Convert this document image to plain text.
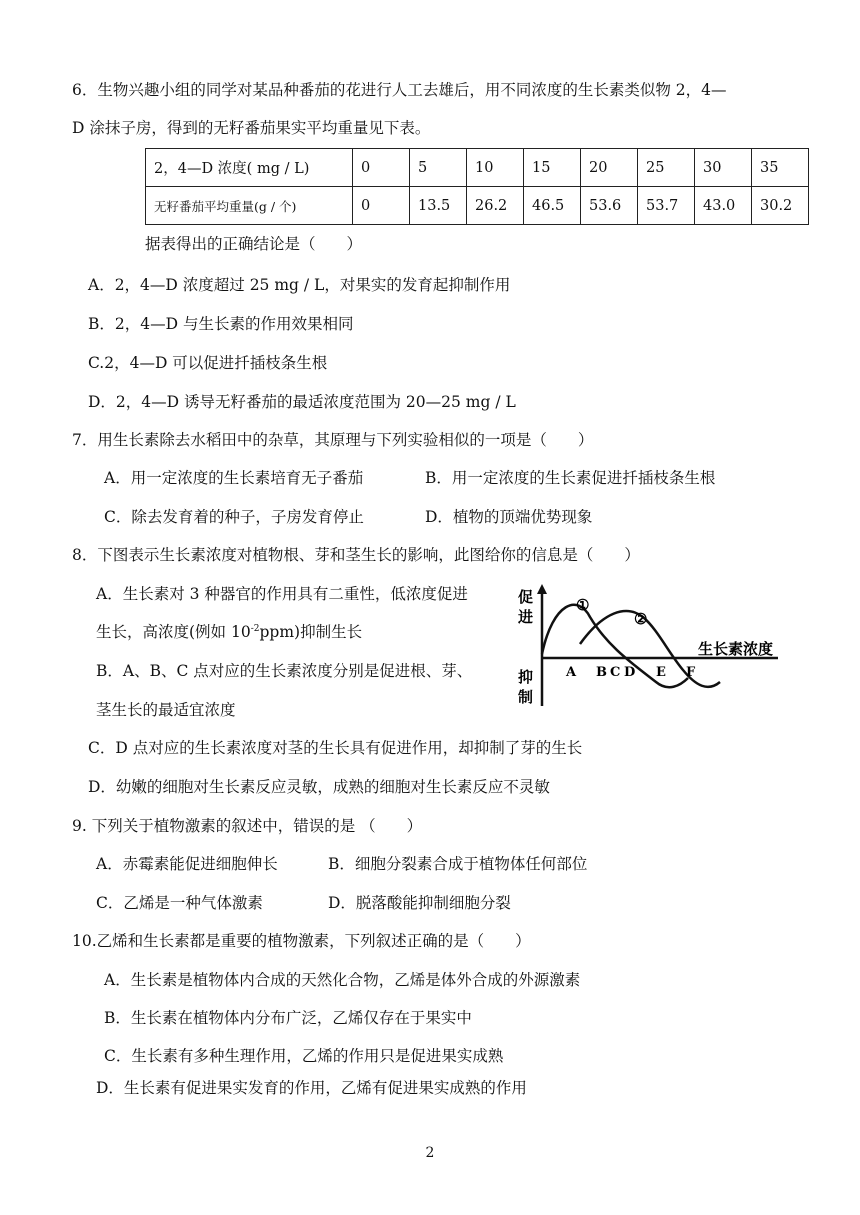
6．生物兴趣小组的同学对某品种番茄的花进行人工去雄后，用不同浓度的生长素类似物 2，4—
D 涂抹子房，得到的无籽番茄果实平均重量见下表。
2，4—D 浓度( mg / L)	0	5	10	15	20	25	30	35
无籽番茄平均重量(g / 个)	0	13.5	26.2	46.5	53.6	53.7	43.0	30.2
据表得出的正确结论是（　　）
A．2，4—D 浓度超过 25 mg / L，对果实的发育起抑制作用
B．2，4—D 与生长素的作用效果相同
C.2，4—D 可以促进扦插枝条生根
D．2，4—D 诱导无籽番茄的最适浓度范围为 20—25 mg / L
7．用生长素除去水稻田中的杂草，其原理与下列实验相似的一项是（　　）
A．用一定浓度的生长素培育无子番茄	B．用一定浓度的生长素促进扦插枝条生根
C．除去发育着的种子，子房发育停止	D．植物的顶端优势现象
8．下图表示生长素浓度对植物根、芽和茎生长的影响，此图给你的信息是（　　）
A．生长素对 3 种器官的作用具有二重性，低浓度促进
生长，高浓度(例如 $10^{-2}ppm$)抑制生长
B．A、B、C 点对应的生长素浓度分别是促进根、芽、
茎生长的最适宜浓度
促
进
抑
制
①
②
生长素浓度
A B C D E F
C．D 点对应的生长素浓度对茎的生长具有促进作用，却抑制了芽的生长
D．幼嫩的细胞对生长素反应灵敏，成熟的细胞对生长素反应不灵敏
9. 下列关于植物激素的叙述中，错误的是 （　　）
A．赤霉素能促进细胞伸长	B．细胞分裂素合成于植物体任何部位
C．乙烯是一种气体激素	D．脱落酸能抑制细胞分裂
10.乙烯和生长素都是重要的植物激素，下列叙述正确的是（　　）
A．生长素是植物体内合成的天然化合物，乙烯是体外合成的外源激素
B．生长素在植物体内分布广泛，乙烯仅存在于果实中
C．生长素有多种生理作用，乙烯的作用只是促进果实成熟
D．生长素有促进果实发育的作用，乙烯有促进果实成熟的作用
2
